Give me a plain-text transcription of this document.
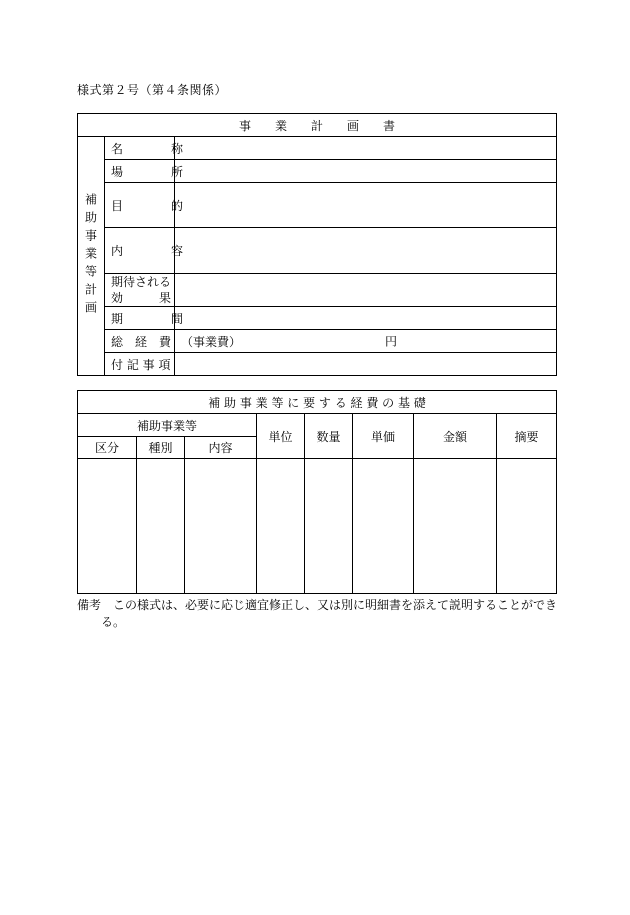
様式第２号（第４条関係）
事　　業　　計　　画　　書		

補助事業等計画	名　　　　称	
	場　　　　所	
	目　　　　的	
	内　　　　容	
	期待される
効　　　果	
	期　　　　間	
	総　経　費	（事業費） 円

	付 記 事 項	
補 助 事 業 等 に 要 す る 経 費 の 基 礎							
補助事業等			単位	数量	単価	金額	摘要
区分	種別	内容					

備考　この様式は、必要に応じ適宜修正し、又は別に明細書を添えて説明することができ
る。
